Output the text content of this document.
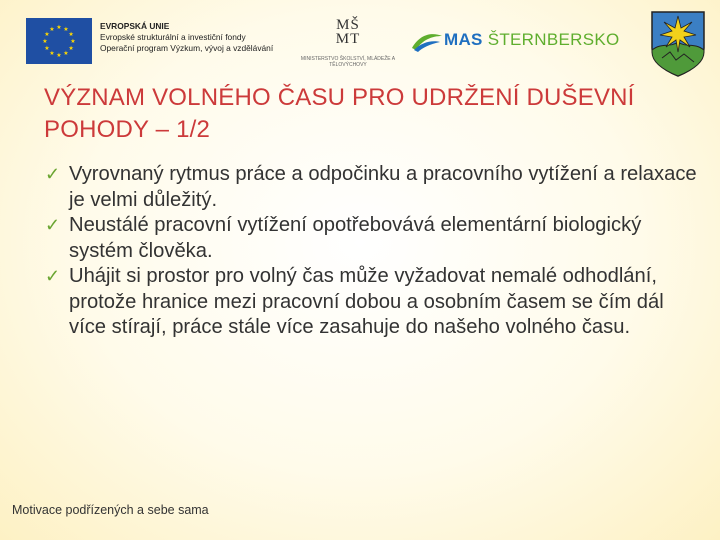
★
★
★
★
★
★
★
★
★ ★ ★
★
EVROPSKÁ UNIE
Evropské strukturální a investiční fondy
Operační program Výzkum, vývoj a vzdělávání
MŠ MT
MINISTERSTVO ŠKOLSTVÍ, MLÁDEŽE A TĚLOVÝCHOVY
MAS ŠTERNBERSKO
VÝZNAM VOLNÉHO ČASU PRO UDRŽENÍ DUŠEVNÍ POHODY – 1/2
✓ Vyrovnaný rytmus práce a odpočinku a pracovního vytížení a relaxace je velmi důležitý.
✓ Neustálé pracovní vytížení opotřebovává elementární biologický systém člověka.
✓ Uhájit si prostor pro volný čas může vyžadovat nemalé odhodlání, protože hranice mezi pracovní dobou a osobním časem se čím dál více stírají, práce stále více zasahuje do našeho volného času.
Motivace podřízených a sebe sama
